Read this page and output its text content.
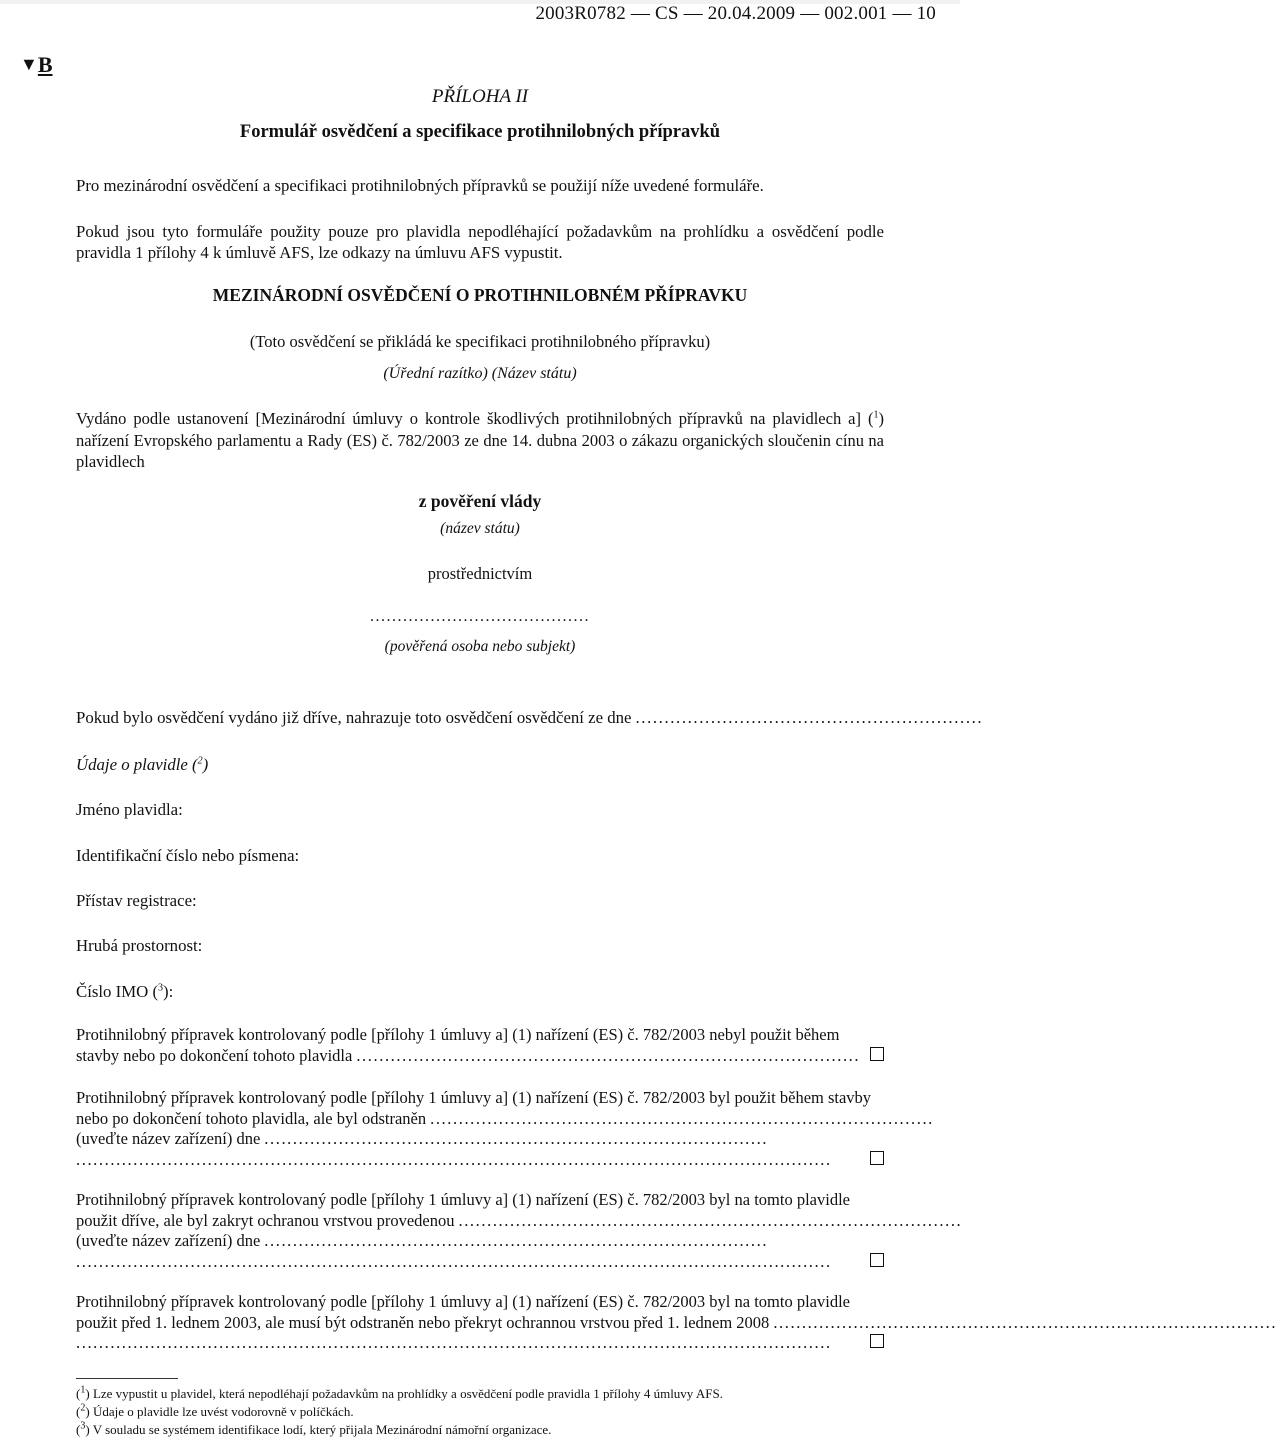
2003R0782 — CS — 20.04.2009 — 002.001 — 10
▼B
PŘÍLOHA II
Formulář osvědčení a specifikace protihnilobných přípravků
Pro mezinárodní osvědčení a specifikaci protihnilobných přípravků se použijí níže uvedené formuláře.
Pokud jsou tyto formuláře použity pouze pro plavidla nepodléhající požadavkům na prohlídku a osvědčení podle pravidla 1 přílohy 4 k úmluvě AFS, lze odkazy na úmluvu AFS vypustit.
MEZINÁRODNÍ OSVĚDČENÍ O PROTIHNILOBNÉM PŘÍPRAVKU
(Toto osvědčení se přikládá ke specifikaci protihnilobného přípravku)
(Úřední razítko) (Název státu)
Vydáno podle ustanovení [Mezinárodní úmluvy o kontrole škodlivých protihnilobných přípravků na plavidlech a] ($^1$) nařízení Evropského parlamentu a Rady (ES) č. 782/2003 ze dne 14. dubna 2003 o zákazu organických sloučenin cínu na plavidlech
z pověření vlády
(název státu)
prostřednictvím
........................................
(pověřená osoba nebo subjekt)
Pokud bylo osvědčení vydáno již dříve, nahrazuje toto osvědčení osvědčení ze dne ............................................................
Údaje o plavidle ($^2$)
Jméno plavidla:
Identifikační číslo nebo písmena:
Přístav registrace:
Hrubá prostornost:
Číslo IMO ($^3$):
Protihnilobný přípravek kontrolovaný podle [přílohy 1 úmluvy a] (1) nařízení (ES) č. 782/2003 nebyl použit během
stavby nebo po dokončení tohoto plavidla ........................................................................................
Protihnilobný přípravek kontrolovaný podle [přílohy 1 úmluvy a] (1) nařízení (ES) č. 782/2003 byl použit během stavby
nebo po dokončení tohoto plavidla, ale byl odstraněn ........................................................................................
(uveďte název zařízení) dne ........................................................................................
....................................................................................................................................
Protihnilobný přípravek kontrolovaný podle [přílohy 1 úmluvy a] (1) nařízení (ES) č. 782/2003 byl na tomto plavidle
použit dříve, ale byl zakryt ochranou vrstvou provedenou ........................................................................................
(uveďte název zařízení) dne ........................................................................................
....................................................................................................................................
Protihnilobný přípravek kontrolovaný podle [přílohy 1 úmluvy a] (1) nařízení (ES) č. 782/2003 byl na tomto plavidle
použit před 1. lednem 2003, ale musí být odstraněn nebo překryt ochrannou vrstvou před 1. lednem 2008 ........................................................................................
....................................................................................................................................
($^1$) Lze vypustit u plavidel, která nepodléhají požadavkům na prohlídky a osvědčení podle pravidla 1 přílohy 4 úmluvy AFS.
($^2$) Údaje o plavidle lze uvést vodorovně v políčkách.
($^3$) V souladu se systémem identifikace lodí, který přijala Mezinárodní námořní organizace.
